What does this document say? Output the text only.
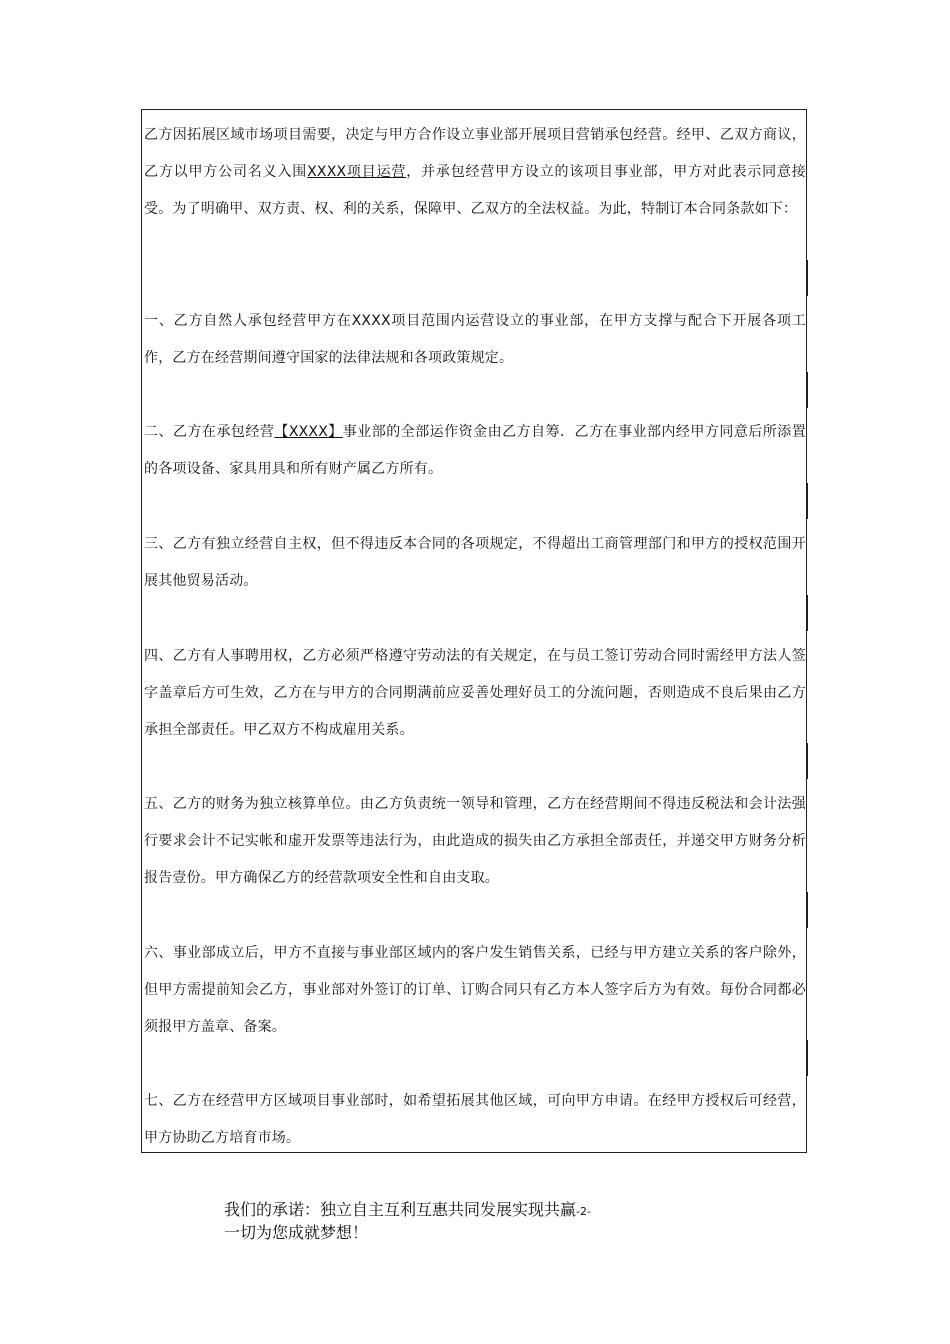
乙方因拓展区域市场项目需要，决定与甲方合作设立事业部开展项目营销承包经营。经甲、乙双方商议，乙方以甲方公司名义入围XXXX项目运营，并承包经营甲方设立的该项目事业部，甲方对此表示同意接受。为了明确甲、双方责、权、利的关系，保障甲、乙双方的全法权益。为此，特制订本合同条款如下：

一、乙方自然人承包经营甲方在XXXX项目范围内运营设立的事业部，在甲方支撑与配合下开展各项工作，乙方在经营期间遵守国家的法律法规和各项政策规定。

二、乙方在承包经营【XXXX】事业部的全部运作资金由乙方自筹．乙方在事业部内经甲方同意后所添置的各项设备、家具用具和所有财产属乙方所有。

三、乙方有独立经营自主权，但不得违反本合同的各项规定，不得超出工商管理部门和甲方的授权范围开展其他贸易活动。

四、乙方有人事聘用权，乙方必须严格遵守劳动法的有关规定，在与员工签订劳动合同时需经甲方法人签字盖章后方可生效，乙方在与甲方的合同期满前应妥善处理好员工的分流问题，否则造成不良后果由乙方承担全部责任。甲乙双方不构成雇用关系。

五、乙方的财务为独立核算单位。由乙方负责统一领导和管理，乙方在经营期间不得违反税法和会计法强行要求会计不记实帐和虚开发票等违法行为，由此造成的损失由乙方承担全部责任，并递交甲方财务分析报告壹份。甲方确保乙方的经营款项安全性和自由支取。

六、事业部成立后，甲方不直接与事业部区域内的客户发生销售关系，已经与甲方建立关系的客户除外，但甲方需提前知会乙方，事业部对外签订的订单、订购合同只有乙方本人签字后方为有效。每份合同都必须报甲方盖章、备案。

七、乙方在经营甲方区域项目事业部时，如希望拓展其他区域，可向甲方申请。在经甲方授权后可经营，甲方协助乙方培育市场。

我们的承诺：独立自主互利互惠共同发展实现共赢-2-
一切为您成就梦想！
